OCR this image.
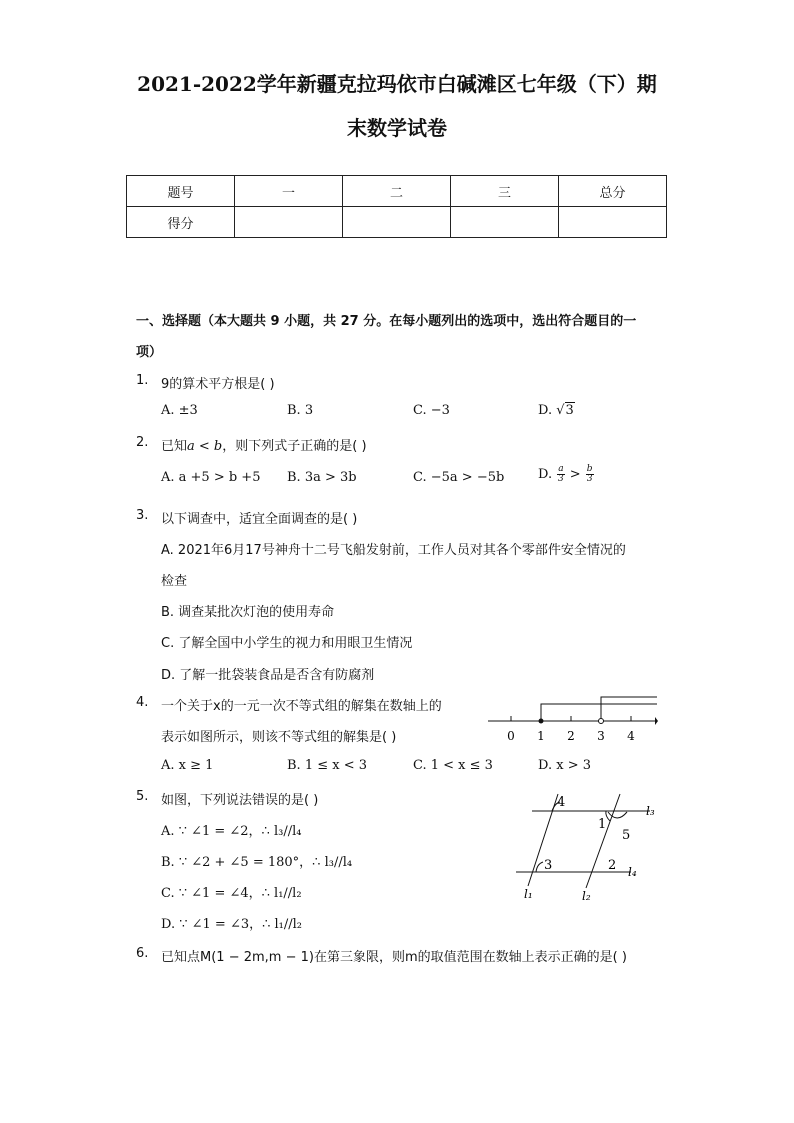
2021-2022学年新疆克拉玛依市白碱滩区七年级（下）期
末数学试卷
题号	一	二	三	总分
得分				
一、选择题（本大题共 9 小题，共 27 分。在每小题列出的选项中，选出符合题目的一
项）
1. 9的算术平方根是( )
A. ±3	B. 3	C. −3	D. √3
2. 已知a < b，则下列式子正确的是( )
A. a +5 > b +5 B. 3a > 3b	C. −5a > −5b	D. $\frac{a}{3} > \frac{b}{3}$
3. 以下调查中，适宜全面调查的是( )
A. 2021年6月17号神舟十二号飞船发射前，工作人员对其各个零部件安全情况的
检查
B. 调查某批次灯泡的使用寿命
C. 了解全国中小学生的视力和用眼卫生情况
D. 了解一批袋装食品是否含有防腐剂
4. 一个关于x的一元一次不等式组的解集在数轴上的
表示如图所示，则该不等式组的解集是( )
A. x ≥ 1	B. 1 ≤ x < 3	C. 1 < x ≤ 3	D. x > 3
0 1 2 3 4
5. 如图，下列说法错误的是( )
A. ∵ ∠1 = ∠2，∴ l₃//l₄
B. ∵ ∠2 + ∠5 = 180°，∴ l₃//l₄
C. ∵ ∠1 = ∠4，∴ l₁//l₂
D. ∵ ∠1 = ∠3，∴ l₁//l₂
4
1
5
3	2
l₃
l₄
l₁	l₂
6. 已知点M(1 − 2m,m − 1)在第三象限，则m的取值范围在数轴上表示正确的是( )
